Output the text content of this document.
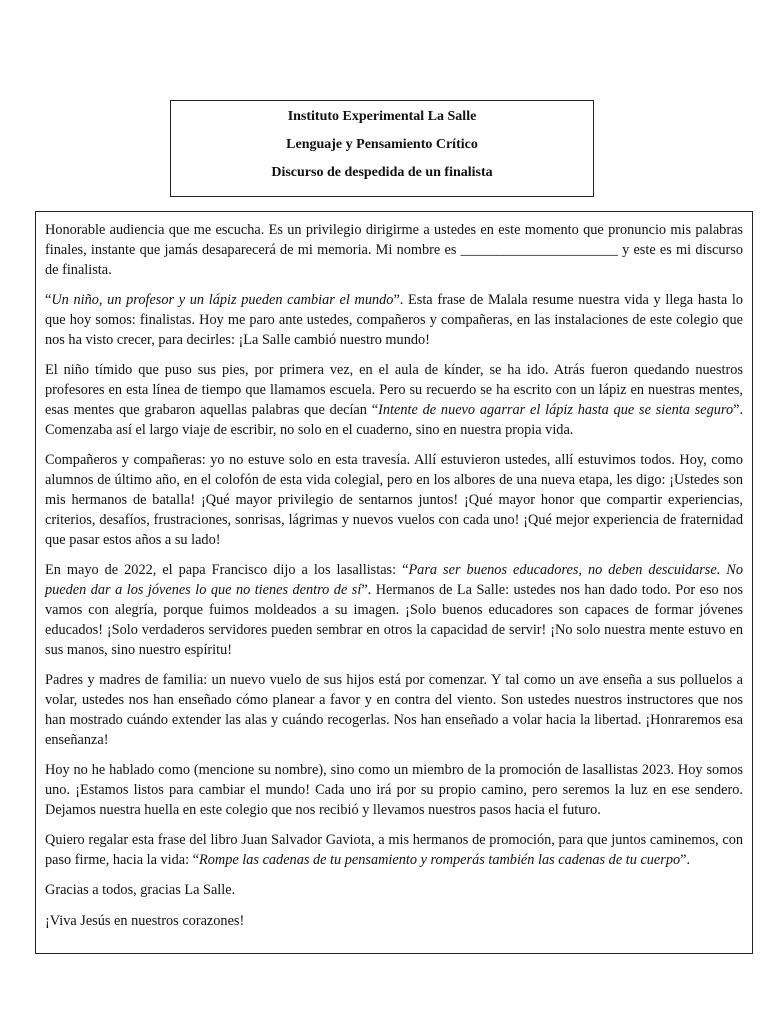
Instituto Experimental La Salle
Lenguaje y Pensamiento Crítico
Discurso de despedida de un finalista

Honorable audiencia que me escucha. Es un privilegio dirigirme a ustedes en este momento que pronuncio mis palabras finales, instante que jamás desaparecerá de mi memoria. Mi nombre es ______________________ y este es mi discurso de finalista.

“Un niño, un profesor y un lápiz pueden cambiar el mundo”. Esta frase de Malala resume nuestra vida y llega hasta lo que hoy somos: finalistas. Hoy me paro ante ustedes, compañeros y compañeras, en las instalaciones de este colegio que nos ha visto crecer, para decirles: ¡La Salle cambió nuestro mundo!

El niño tímido que puso sus pies, por primera vez, en el aula de kínder, se ha ido. Atrás fueron quedando nuestros profesores en esta línea de tiempo que llamamos escuela. Pero su recuerdo se ha escrito con un lápiz en nuestras mentes, esas mentes que grabaron aquellas palabras que decían “Intente de nuevo agarrar el lápiz hasta que se sienta seguro”. Comenzaba así el largo viaje de escribir, no solo en el cuaderno, sino en nuestra propia vida.

Compañeros y compañeras: yo no estuve solo en esta travesía. Allí estuvieron ustedes, allí estuvimos todos. Hoy, como alumnos de último año, en el colofón de esta vida colegial, pero en los albores de una nueva etapa, les digo: ¡Ustedes son mis hermanos de batalla! ¡Qué mayor privilegio de sentarnos juntos! ¡Qué mayor honor que compartir experiencias, criterios, desafíos, frustraciones, sonrisas, lágrimas y nuevos vuelos con cada uno! ¡Qué mejor experiencia de fraternidad que pasar estos años a su lado!

En mayo de 2022, el papa Francisco dijo a los lasallistas: “Para ser buenos educadores, no deben descuidarse. No pueden dar a los jóvenes lo que no tienes dentro de sí”. Hermanos de La Salle: ustedes nos han dado todo. Por eso nos vamos con alegría, porque fuimos moldeados a su imagen. ¡Solo buenos educadores son capaces de formar jóvenes educados! ¡Solo verdaderos servidores pueden sembrar en otros la capacidad de servir! ¡No solo nuestra mente estuvo en sus manos, sino nuestro espíritu!

Padres y madres de familia: un nuevo vuelo de sus hijos está por comenzar. Y tal como un ave enseña a sus polluelos a volar, ustedes nos han enseñado cómo planear a favor y en contra del viento. Son ustedes nuestros instructores que nos han mostrado cuándo extender las alas y cuándo recogerlas. Nos han enseñado a volar hacia la libertad. ¡Honraremos esa enseñanza!

Hoy no he hablado como (mencione su nombre), sino como un miembro de la promoción de lasallistas 2023. Hoy somos uno. ¡Estamos listos para cambiar el mundo! Cada uno irá por su propio camino, pero seremos la luz en ese sendero. Dejamos nuestra huella en este colegio que nos recibió y llevamos nuestros pasos hacia el futuro.

Quiero regalar esta frase del libro Juan Salvador Gaviota, a mis hermanos de promoción, para que juntos caminemos, con paso firme, hacia la vida: “Rompe las cadenas de tu pensamiento y romperás también las cadenas de tu cuerpo”.

Gracias a todos, gracias La Salle.

¡Viva Jesús en nuestros corazones!
